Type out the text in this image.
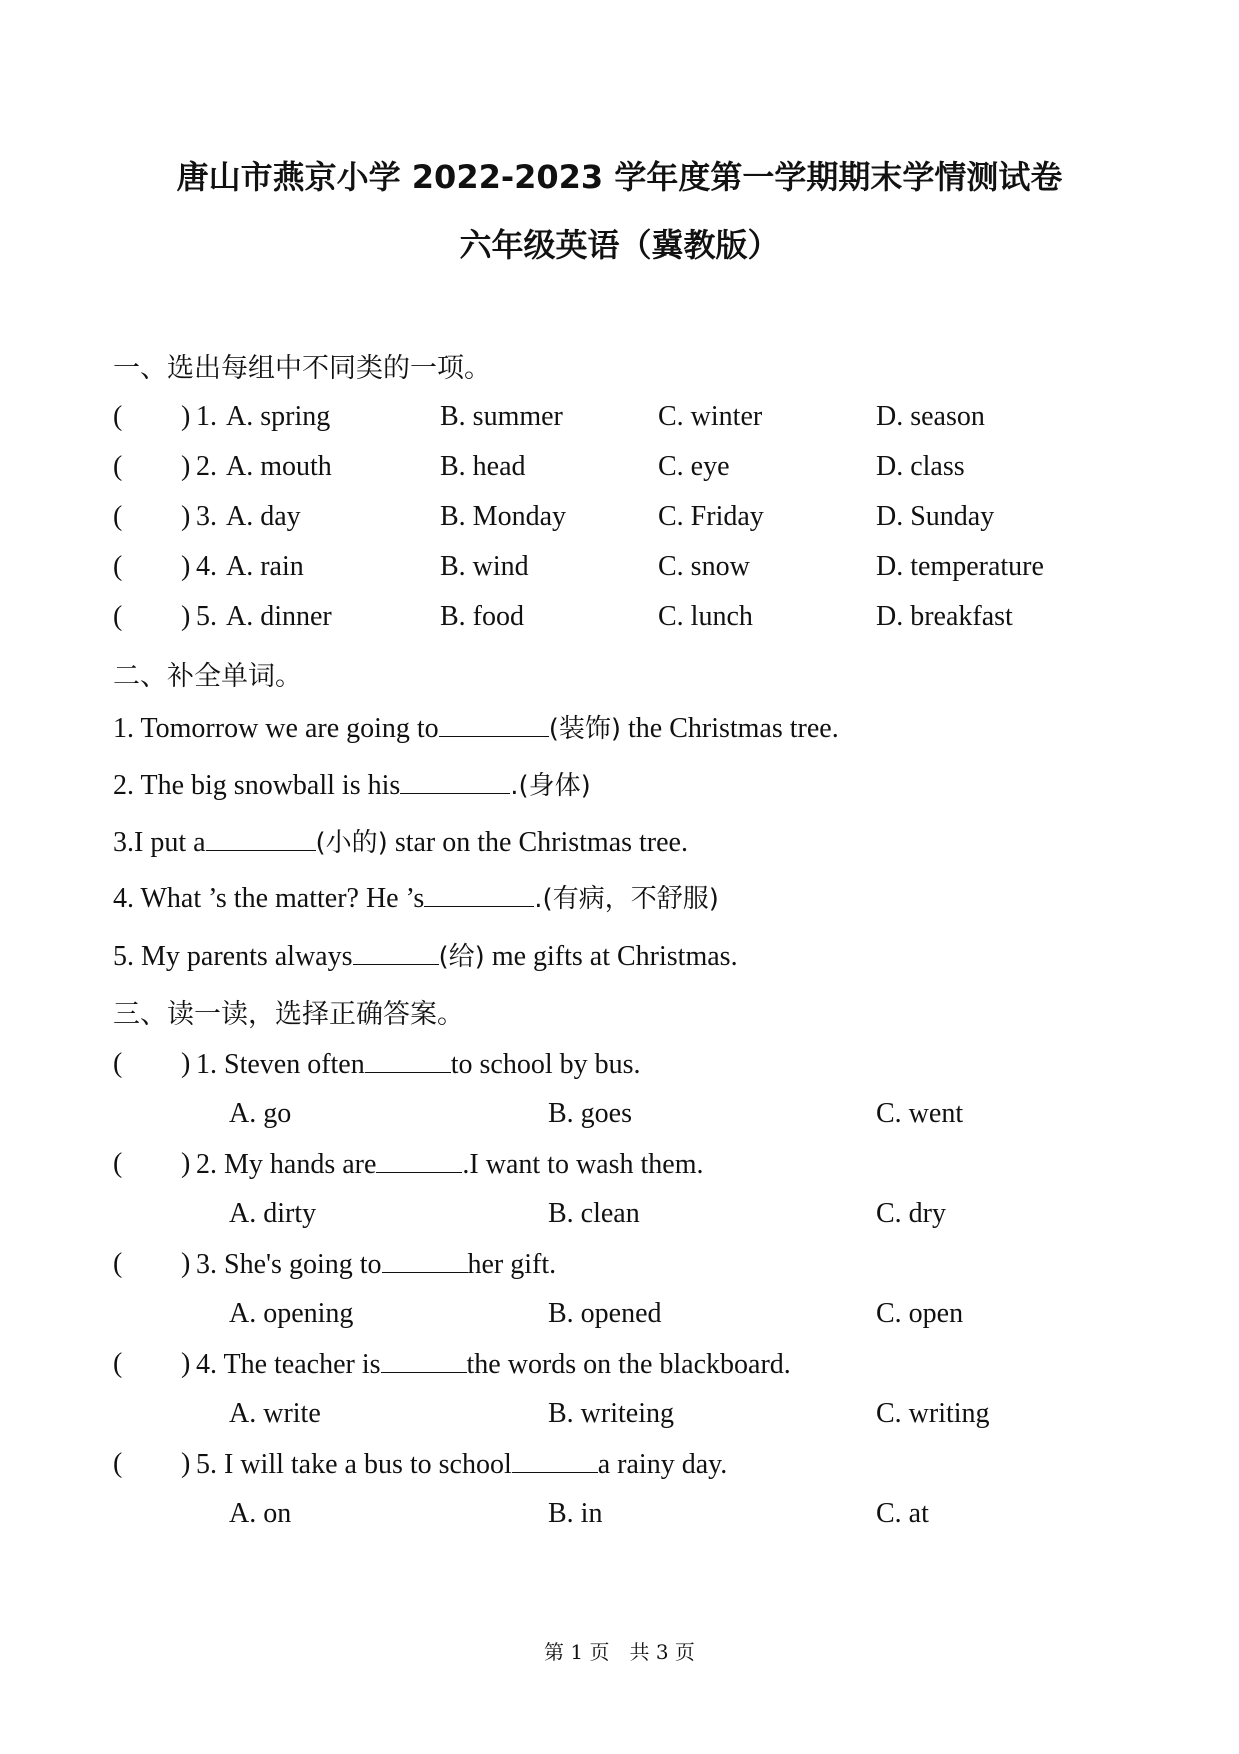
唐山市燕京小学 2022-2023 学年度第一学期期末学情测试卷
六年级英语（冀教版）
一、选出每组中不同类的一项。
( ) 1. A. spring	B. summer	C. winter	D. season
( ) 2. A. mouth	B. head	C. eye	D. class
( ) 3. A. day	B. Monday	C. Friday	D. Sunday
( ) 4. A. rain	B. wind	C. snow	D. temperature
( ) 5. A. dinner	B. food	C. lunch	D. breakfast
二、补全单词。
1. Tomorrow we are going to	(装饰) the Christmas tree.
2. The big snowball is his	.(身体)
3.I put a	(小的) star on the Christmas tree.
4. What ’s the matter? He ’s	.(有病，不舒服)
5. My parents always	(给) me gifts at Christmas.
三、读一读，选择正确答案。
( ) 1. Steven often	to school by bus.
A. go	B. goes	C. went
( ) 2. My hands are	.I want to wash them.
A. dirty	B. clean	C. dry
( ) 3. She's going to	her gift.
A. opening	B. opened	C. open
( ) 4. The teacher is	the words on the blackboard.
A. write	B. writeing	C. writing
( ) 5. I will take a bus to school	a rainy day.
A. on	B. in	C. at
第 1 页　共 3 页
